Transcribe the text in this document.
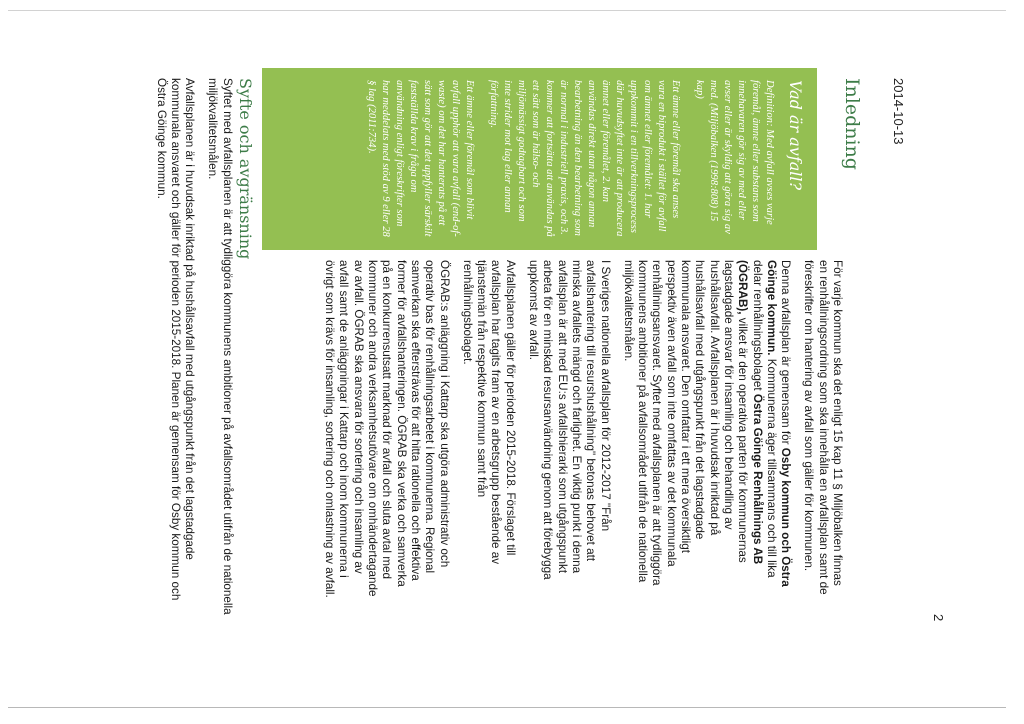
2
2014-10-13
Inledning
Vad är avfall?

Definition: Med avfall avses varje föremål, ämne eller substans som innehavaren gör sig av med eller avser eller är skyldig att göra sig av med. (Miljöbalken (1998:808) 15 kap)

Ett ämne eller föremål ska anses vara en biprodukt i stället för avfall om ämnet eller föremålet: 1. har uppkommit i en tillverkningsprocess där huvudsyftet inte är att producera ämnet eller föremålet, 2. kan användas direkt utan någon annan bearbetning än den bearbetning som är normal i industriell praxis, och 3. kommer att fortsätta att användas på ett sätt som är hälso- och miljömässigt godtagbart och som inte strider mot lag eller annan författning.

Ett ämne eller föremål som blivit avfall upphör att vara avfall (end-of-waste) om det har hanterats på ett sätt som gör att det uppfyller särskilt fastställda krav i fråga om användning enligt föreskrifter som har meddelats med stöd av 9 eller 28 § lag (2011:734).

För varje kommun ska det enligt 15 kap 11 § Miljöbalken finnas en renhållningsordning som ska innehålla en avfallsplan samt de föreskrifter om hantering av avfall som gäller för kommunen.

Denna avfallsplan är gemensam för Osby kommun och Östra Göinge kommun. Kommunerna äger tillsammans och till lika delar renhållningsbolaget Östra Göinge Renhållnings AB (ÖGRAB), vilket är den operativa parten för kommunernas lagstadgade ansvar för insamling och behandling av hushållsavfall. Avfallsplanen är i huvudsak inriktad på hushållsavfall med utgångspunkt från det lagstadgade kommunala ansvaret. Den omfattar i ett mera översiktligt perspektiv även avfall som inte omfattas av det kommunala renhållningsansvaret. Syftet med avfallsplanen är att tydliggöra kommunens ambitioner på avfallsområdet utifrån de nationella miljökvalitetsmålen.

I Sveriges nationella avfallsplan för 2012-2017 "Från avfallshantering till resurshushållning" betonas behovet att minska avfallets mängd och farlighet. En viktig punkt i denna avfallsplan är att med EU:s avfallshierarki som utgångspunkt arbeta för en minskad resursanvändning genom att förebygga uppkomst av avfall.

Avfallsplanen gäller för perioden 2015-2018. Förslaget till avfallsplan har tagits fram av en arbetsgrupp bestående av tjänstemän från respektive kommun samt från renhållningsbolaget.

ÖGRAB:s anläggning i Kattarp ska utgöra administrativ och operativ bas för renhållningsarbetet i kommunerna. Regional samverkan ska eftersträvas för att hitta rationella och effektiva former för avfallshanteringen. ÖGRAB ska verka och samverka på en konkurrensutsatt marknad för avfall och sluta avtal med kommuner och andra verksamhetsutövare om omhändertagande av avfall. ÖGRAB ska ansvara för sortering och insamling av avfall samt de anläggningar i Kattarp och inom kommunerna i övrigt som krävs för insamling, sortering och omlastning av avfall.

Syfte och avgränsning

Syftet med avfallsplanen är att tydliggöra kommunens ambitioner på avfallsområdet utifrån de nationella miljökvalitetsmålen.

Avfallsplanen är i huvudsak inriktad på hushållsavfall med utgångspunkt från det lagstadgade kommunala ansvaret och gäller för perioden 2015-2018. Planen är gemensam för Osby kommun och Östra Göinge kommun.
